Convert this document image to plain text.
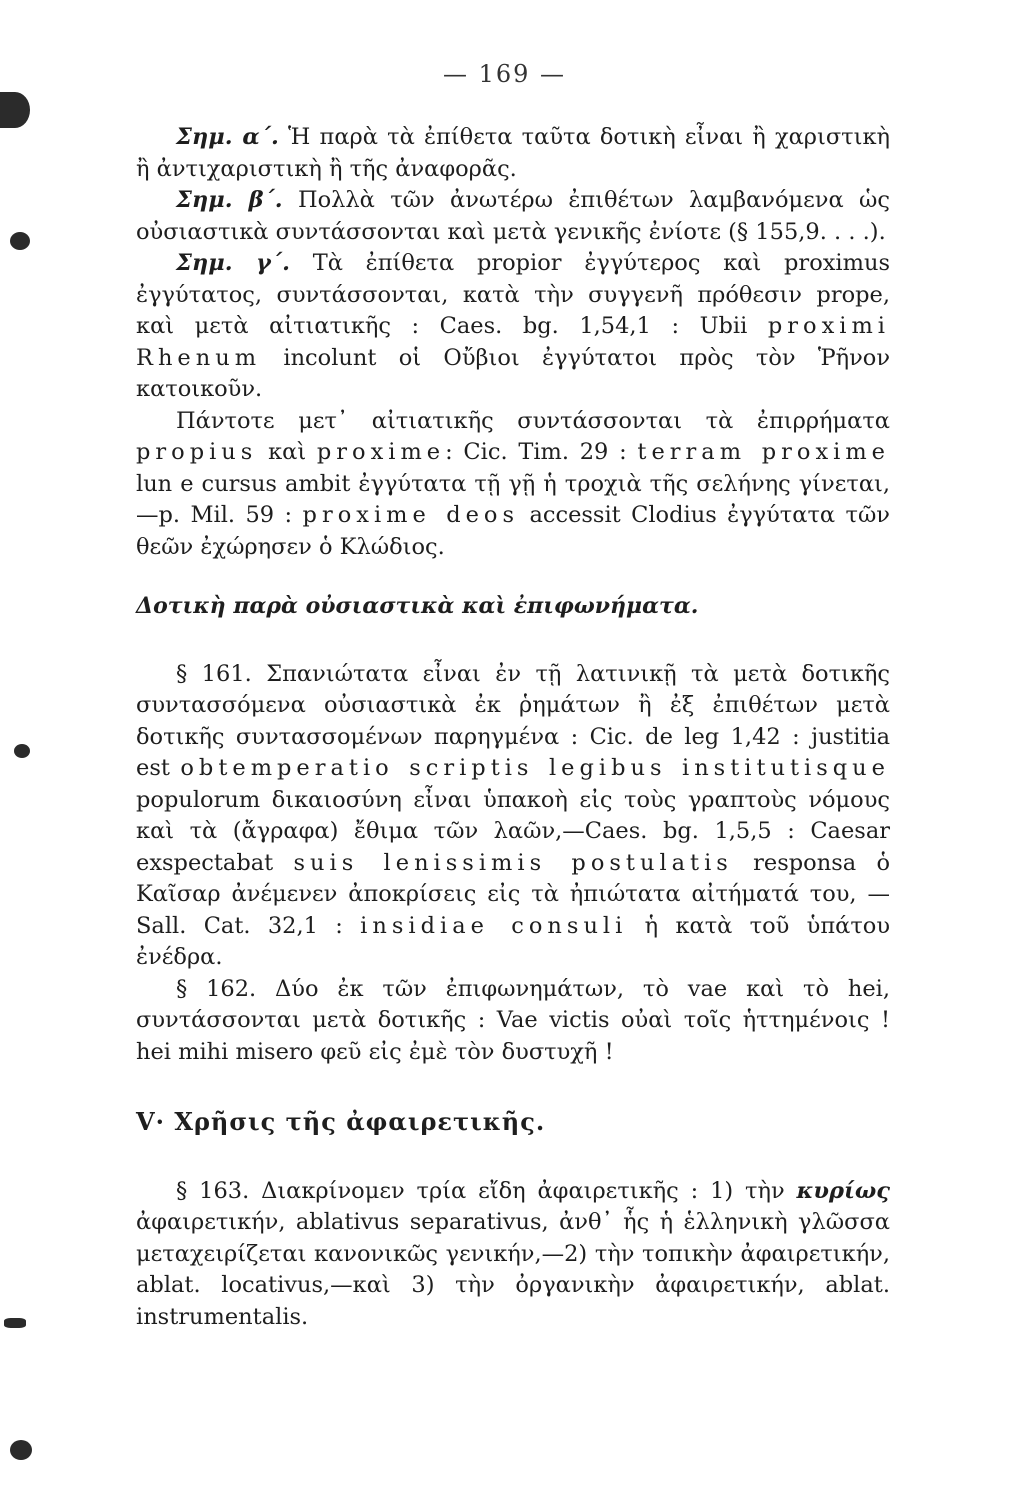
— 169 —

Σημ. α΄. Ἡ παρὰ τὰ ἐπίθετα ταῦτα δοτικὴ εἶναι ἢ χαριστικὴ ἢ ἀντιχαριστικὴ ἢ τῆς ἀναφορᾶς.

Σημ. β΄. Πολλὰ τῶν ἀνωτέρω ἐπιθέτων λαμβανόμενα ὡς οὐσιαστικὰ συντάσσονται καὶ μετὰ γενικῆς ἐνίοτε (§ 155,9. . . .).

Σημ. γ΄. Τὰ ἐπίθετα propior ἐγγύτερος καὶ proximus ἐγγύτατος, συντάσσονται, κατὰ τὴν συγγενῆ πρόθεσιν prope, καὶ μετὰ αἰτιατικῆς : Caes. bg. 1,54,1 : Ubii proximi Rhenum incolunt οἱ Οὔβιοι ἐγγύτατοι πρὸς τὸν Ῥῆνον κατοικοῦν.

Πάντοτε μετ᾽ αἰτιατικῆς συντάσσονται τὰ ἐπιρρήματα propius καὶ proxime: Cic. Tim. 29 : terram proxime lun e cursus ambit ἐγγύτατα τῇ γῇ ἡ τροχιὰ τῆς σελήνης γίνεται,—p. Mil. 59 : proxime deos accessit Clodius ἐγγύτατα τῶν θεῶν ἐχώρησεν ὁ Κλώδιος.

Δοτικὴ παρὰ οὐσιαστικὰ καὶ ἐπιφωνήματα.

§ 161. Σπανιώτατα εἶναι ἐν τῇ λατινικῇ τὰ μετὰ δοτικῆς συντασσόμενα οὐσιαστικὰ ἐκ ῥημάτων ἢ ἐξ ἐπιθέτων μετὰ δοτικῆς συντασσομένων παρηγμένα : Cic. de leg 1,42 : justitia est obtemperatio scriptis legibus institutisque populorum δικαιοσύνη εἶναι ὑπακοὴ εἰς τοὺς γραπτοὺς νόμους καὶ τὰ (ἄγραφα) ἔθιμα τῶν λαῶν,—Caes. bg. 1,5,5 : Caesar exspectabat suis lenissimis postulatis responsa ὁ Καῖσαρ ἀνέμενεν ἀποκρίσεις εἰς τὰ ἠπιώτατα αἰτήματά του, — Sall. Cat. 32,1 : insidiae consuli ἡ κατὰ τοῦ ὑπάτου ἐνέδρα.

§ 162. Δύο ἐκ τῶν ἐπιφωνημάτων, τὸ vae καὶ τὸ hei, συντάσσονται μετὰ δοτικῆς : Vae victis οὐαὶ τοῖς ἡττημένοις ! hei mihi misero φεῦ εἰς ἐμὲ τὸν δυστυχῆ !

V· Χρῆσις τῆς ἀφαιρετικῆς.

§ 163. Διακρίνομεν τρία εἴδη ἀφαιρετικῆς : 1) τὴν κυρίως ἀφαιρετικήν, ablativus separativus, ἀνθ᾽ ἧς ἡ ἑλληνικὴ γλῶσσα μεταχειρίζεται κανονικῶς γενικήν,—2) τὴν τοπικὴν ἀφαιρετικήν, ablat. locativus,—καὶ 3) τὴν ὀργανικὴν ἀφαιρετικήν, ablat. instrumentalis.
